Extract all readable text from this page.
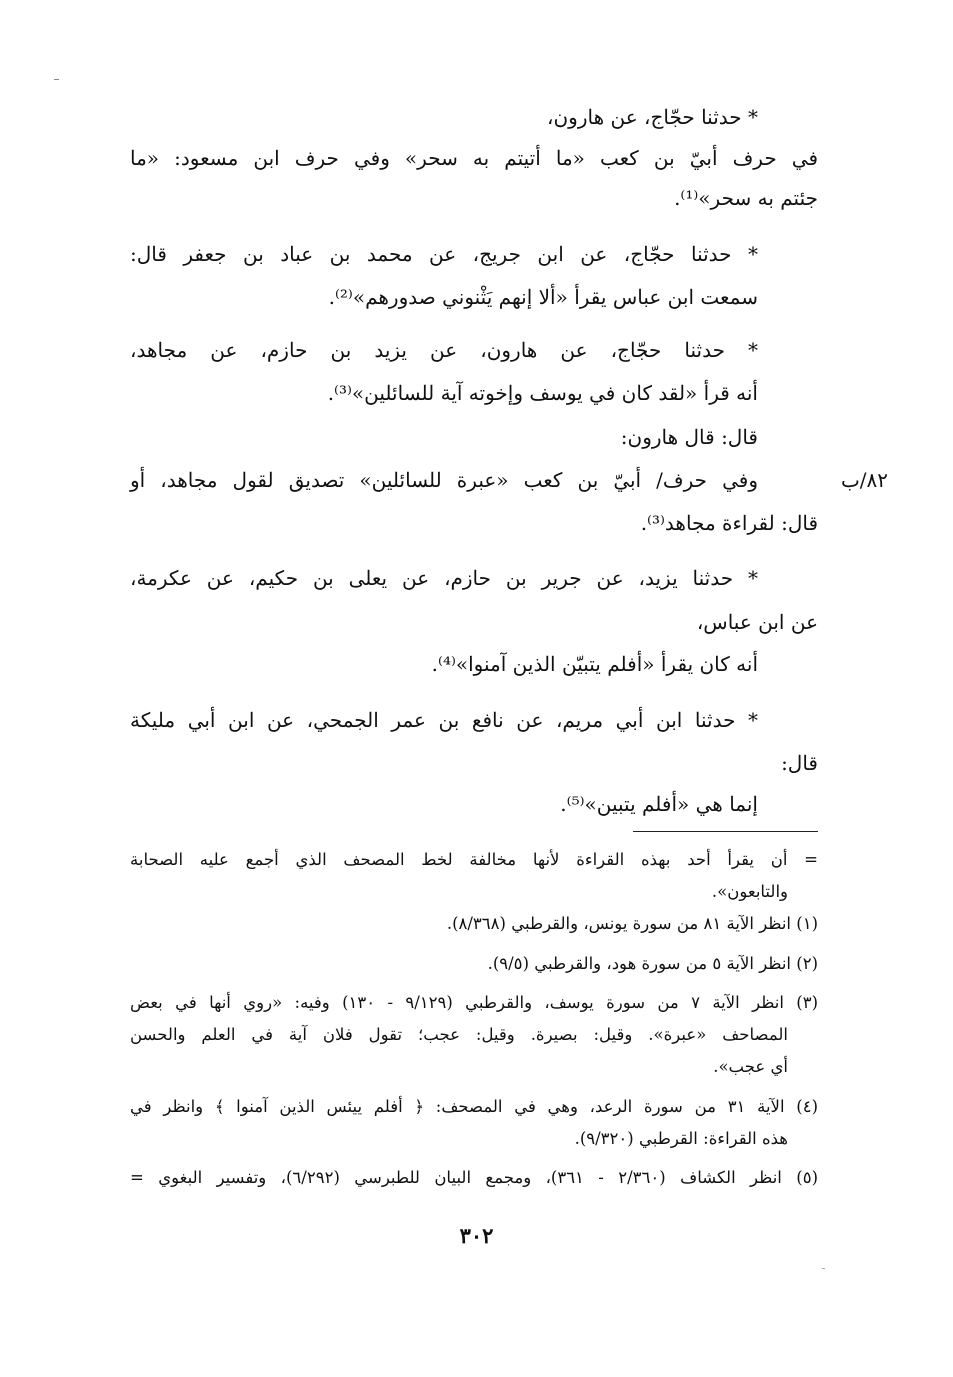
* حدثنا حجّاج، عن هارون،
في حرف أبيّ بن كعب «ما أتيتم به سحر» وفي حرف ابن مسعود: «ما
جئتم به سحر»⁽¹⁾.
* حدثنا حجّاج، عن ابن جريج، عن محمد بن عباد بن جعفر قال:
سمعت ابن عباس يقرأ «ألا إنهم يَثْنوني صدورهم»⁽²⁾.
* حدثنا حجّاج، عن هارون، عن يزيد بن حازم، عن مجاهد،
أنه قرأ «لقد كان في يوسف وإخوته آية للسائلين»⁽³⁾.
قال: قال هارون:
٨٢/ب
وفي حرف/ أبيّ بن كعب «عبرة للسائلين» تصديق لقول مجاهد، أو
قال: لقراءة مجاهد⁽³⁾.
* حدثنا يزيد، عن جرير بن حازم، عن يعلى بن حكيم، عن عكرمة،
عن ابن عباس،
أنه كان يقرأ «أفلم يتبيّن الذين آمنوا»⁽⁴⁾.
* حدثنا ابن أبي مريم، عن نافع بن عمر الجمحي، عن ابن أبي مليكة
قال:
إنما هي «أفلم يتبين»⁽⁵⁾.
= أن يقرأ أحد بهذه القراءة لأنها مخالفة لخط المصحف الذي أجمع عليه الصحابة
والتابعون».
(١) انظر الآية ٨١ من سورة يونس، والقرطبي (٨/٣٦٨).
(٢) انظر الآية ٥ من سورة هود، والقرطبي (٩/٥).
(٣) انظر الآية ٧ من سورة يوسف، والقرطبي (٩/١٢٩ - ١٣٠) وفيه: «روي أنها في بعض
المصاحف «عبرة». وقيل: بصيرة. وقيل: عجب؛ تقول فلان آية في العلم والحسن
أي عجب».
(٤) الآية ٣١ من سورة الرعد، وهي في المصحف: ﴿ أفلم ييئس الذين آمنوا ﴾ وانظر في
هذه القراءة: القرطبي (٩/٣٢٠).
(٥) انظر الكشاف (٢/٣٦٠ - ٣٦١)، ومجمع البيان للطبرسي (٦/٢٩٢)، وتفسير البغوي =
٣٠٢
